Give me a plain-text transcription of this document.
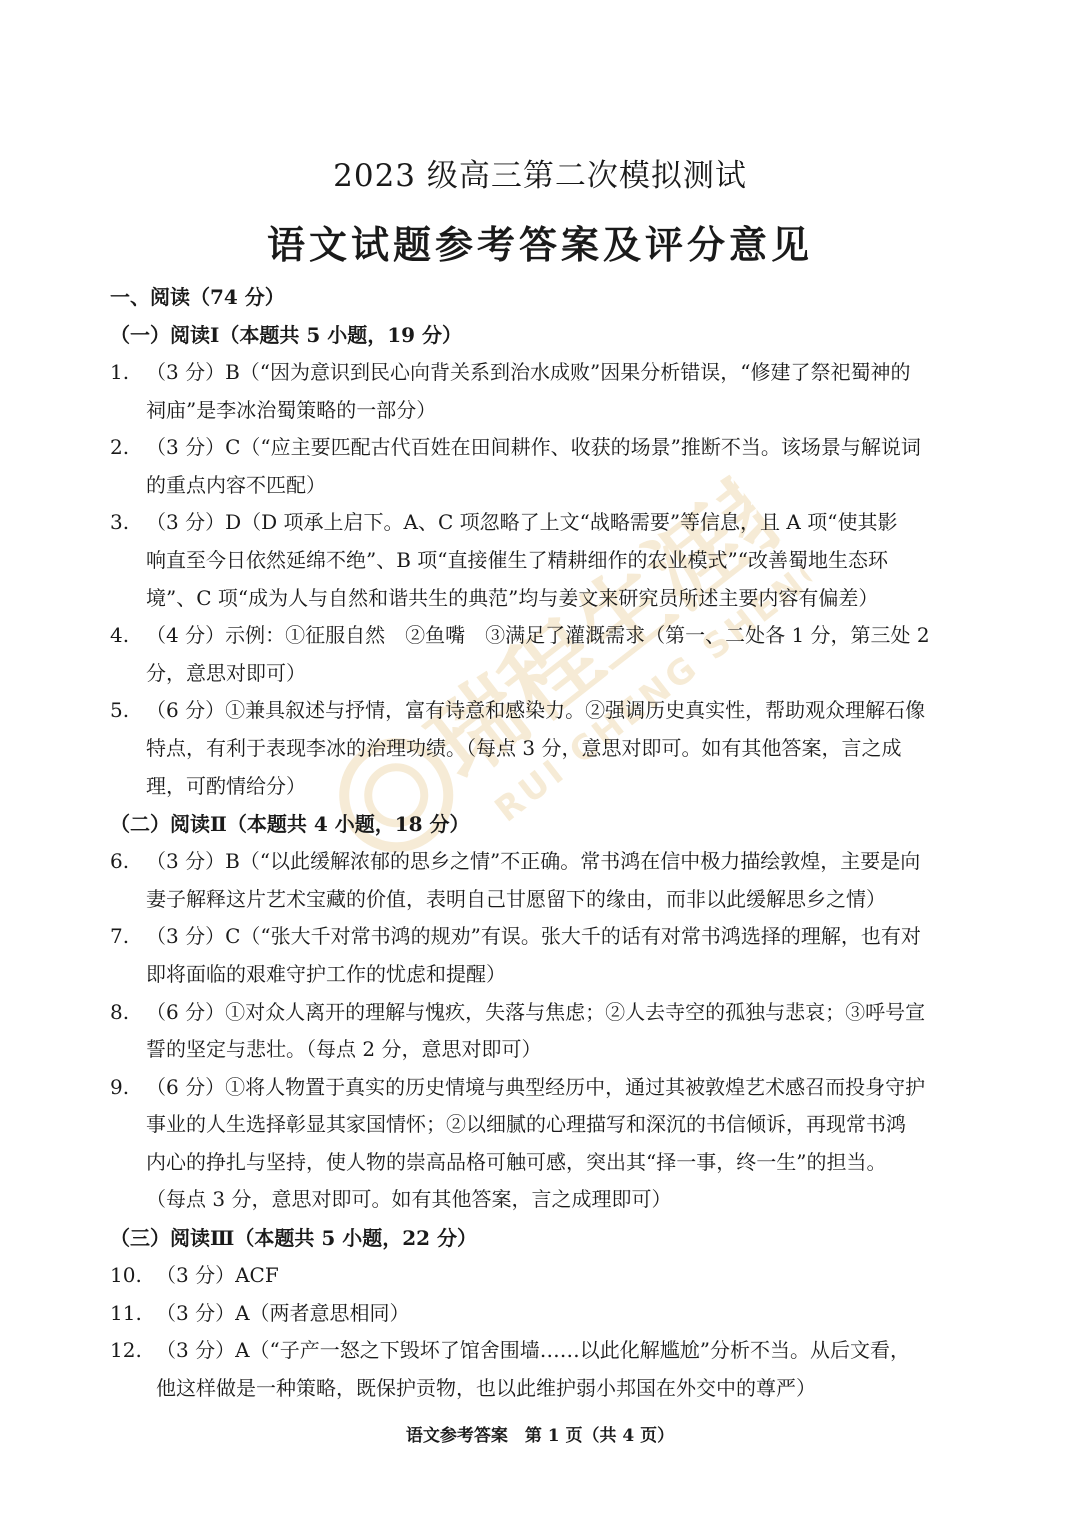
瑞程生涯教育
RUI CHENG SHENG YA
2023 级高三第二次模拟测试
语文试题参考答案及评分意见
一、阅读（74 分）
（一）阅读Ⅰ（本题共 5 小题，19 分）
1. （3 分）B（“因为意识到民心向背关系到治水成败”因果分析错误，“修建了祭祀蜀神的

祠庙”是李冰治蜀策略的一部分）

2. （3 分）C（“应主要匹配古代百姓在田间耕作、收获的场景”推断不当。该场景与解说词

的重点内容不匹配）

3. （3 分）D（D 项承上启下。A、C 项忽略了上文“战略需要”等信息，且 A 项“使其影

响直至今日依然延绵不绝”、B 项“直接催生了精耕细作的农业模式”“改善蜀地生态环

境”、C 项“成为人与自然和谐共生的典范”均与姜文来研究员所述主要内容有偏差）

4. （4 分）示例：①征服自然　②鱼嘴　③满足了灌溉需求（第一、二处各 1 分，第三处 2

分，意思对即可）

5. （6 分）①兼具叙述与抒情，富有诗意和感染力。②强调历史真实性，帮助观众理解石像

特点，有利于表现李冰的治理功绩。（每点 3 分，意思对即可。如有其他答案，言之成

理，可酌情给分）

（二）阅读Ⅱ（本题共 4 小题，18 分）
6. （3 分）B（“以此缓解浓郁的思乡之情”不正确。常书鸿在信中极力描绘敦煌，主要是向

妻子解释这片艺术宝藏的价值，表明自己甘愿留下的缘由，而非以此缓解思乡之情）

7. （3 分）C（“张大千对常书鸿的规劝”有误。张大千的话有对常书鸿选择的理解，也有对

即将面临的艰难守护工作的忧虑和提醒）

8. （6 分）①对众人离开的理解与愧疚，失落与焦虑；②人去寺空的孤独与悲哀；③呼号宣

誓的坚定与悲壮。（每点 2 分，意思对即可）

9. （6 分）①将人物置于真实的历史情境与典型经历中，通过其被敦煌艺术感召而投身守护

事业的人生选择彰显其家国情怀；②以细腻的心理描写和深沉的书信倾诉，再现常书鸿

内心的挣扎与坚持，使人物的崇高品格可触可感，突出其“择一事，终一生”的担当。

（每点 3 分，意思对即可。如有其他答案，言之成理即可）

（三）阅读Ⅲ（本题共 5 小题，22 分）
10. （3 分）ACF

11. （3 分）A（两者意思相同）

12. （3 分）A（“子产一怒之下毁坏了馆舍围墙……以此化解尴尬”分析不当。从后文看，

他这样做是一种策略，既保护贡物，也以此维护弱小邦国在外交中的尊严）

语文参考答案　第 1 页（共 4 页）
